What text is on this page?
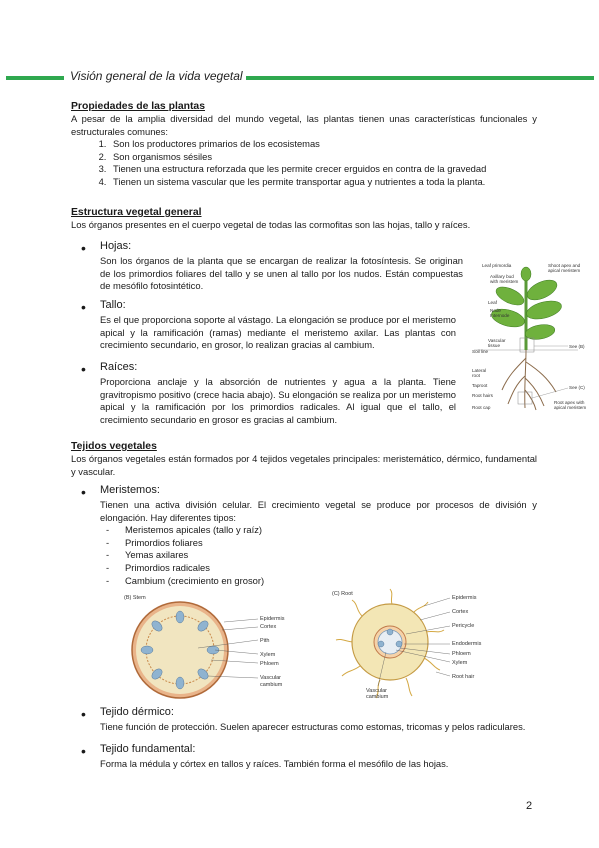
Visión general de la vida vegetal
Propiedades de las plantas

A pesar de la amplia diversidad del mundo vegetal, las plantas tienen unas características funcionales y estructurales comunes:

1. Son los productores primarios de los ecosistemas
2. Son organismos sésiles
3. Tienen una estructura reforzada que les permite crecer erguidos en contra de la gravedad
4. Tienen un sistema vascular que les permite transportar agua y nutrientes a toda la planta.
Estructura vegetal general

Los órganos presentes en el cuerpo vegetal de todas las cormofitas son las hojas, tallo y raíces.

• Hojas:

Son los órganos de la planta que se encargan de realizar la fotosíntesis. Se originan de los primordios foliares del tallo y se unen al tallo por los nudos. Están compuestas de mesófilo fotosintético.

• Tallo:

Es el que proporciona soporte al vástago. La elongación se produce por el meristemo apical y la ramificación (ramas) mediante el meristemo axilar. Las plantas con crecimiento secundario, en grosor, lo realizan gracias al cambium.

• Raíces:

Proporciona anclaje y la absorción de nutrientes y agua a la planta. Tiene gravitropismo positivo (crece hacia abajo). Su elongación se realiza por un meristemo apical y la ramificación por los primordios radicales. Al igual que el tallo, el crecimiento secundario en grosor es gracias al cambium.

Leaf primordia
Axillary bud
with meristem
Shoot apex and
apical meristem
Leaf
Node
Internode
Vascular
tissue
Soil line
See (B)
Lateral
root
Taproot
Root hairs
Root cap
See (C)
Root apex with
apical meristem
Tejidos vegetales

Los órganos vegetales están formados por 4 tejidos vegetales principales: meristemático, dérmico, fundamental y vascular.

• Meristemos:

Tienen una activa división celular. El crecimiento vegetal se produce por procesos de división y elongación. Hay diferentes tipos:

- Meristemos apicales (tallo y raíz)
- Primordios foliares
- Yemas axilares
- Primordios radicales
- Cambium (crecimiento en grosor)
(B) Stem
Epidermis
Cortex
Pith
Xylem
Phloem
Vascular
cambium
(C) Root
Epidermis
Cortex
Pericycle
Endodermis
Phloem
Xylem
Root hair
Vascular
cambium
• Tejido dérmico:

Tiene función de protección. Suelen aparecer estructuras como estomas, tricomas y pelos radiculares.

• Tejido fundamental:

Forma la médula y córtex en tallos y raíces. También forma el mesófilo de las hojas.

2
